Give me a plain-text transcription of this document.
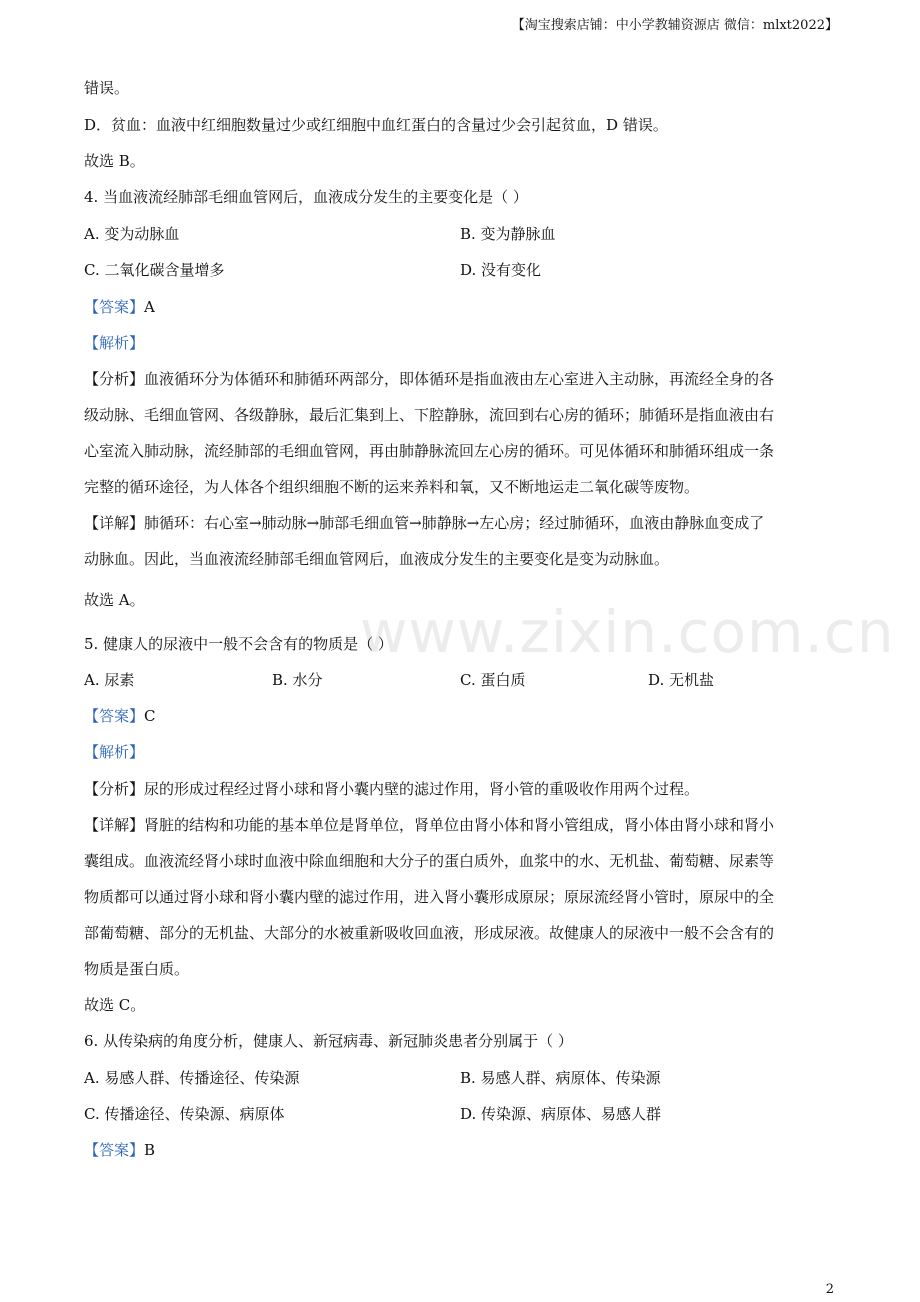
【淘宝搜索店铺：中小学教辅资源店 微信：mlxt2022】
www.zixin.com.cn
错误。
D．贫血：血液中红细胞数量过少或红细胞中血红蛋白的含量过少会引起贫血，D 错误。
故选 B。
4. 当血液流经肺部毛细血管网后，血液成分发生的主要变化是（ ）
A. 变为动脉血	B. 变为静脉血
C. 二氧化碳含量增多	D. 没有变化
【答案】A
【解析】
【分析】血液循环分为体循环和肺循环两部分，即体循环是指血液由左心室进入主动脉，再流经全身的各
级动脉、毛细血管网、各级静脉，最后汇集到上、下腔静脉，流回到右心房的循环；肺循环是指血液由右
心室流入肺动脉，流经肺部的毛细血管网，再由肺静脉流回左心房的循环。可见体循环和肺循环组成一条
完整的循环途径，为人体各个组织细胞不断的运来养料和氧，又不断地运走二氧化碳等废物。
【详解】肺循环：右心室→肺动脉→肺部毛细血管→肺静脉→左心房；经过肺循环，血液由静脉血变成了
动脉血。因此，当血液流经肺部毛细血管网后，血液成分发生的主要变化是变为动脉血。
故选 A。
5. 健康人的尿液中一般不会含有的物质是（ ）
A. 尿素	B. 水分	C. 蛋白质	D. 无机盐
【答案】C
【解析】
【分析】尿的形成过程经过肾小球和肾小囊内壁的滤过作用，肾小管的重吸收作用两个过程。
【详解】肾脏的结构和功能的基本单位是肾单位，肾单位由肾小体和肾小管组成，肾小体由肾小球和肾小
囊组成。血液流经肾小球时血液中除血细胞和大分子的蛋白质外，血浆中的水、无机盐、葡萄糖、尿素等
物质都可以通过肾小球和肾小囊内壁的滤过作用，进入肾小囊形成原尿；原尿流经肾小管时，原尿中的全
部葡萄糖、部分的无机盐、大部分的水被重新吸收回血液，形成尿液。故健康人的尿液中一般不会含有的
物质是蛋白质。
故选 C。
6. 从传染病的角度分析，健康人、新冠病毒、新冠肺炎患者分别属于（ ）
A. 易感人群、传播途径、传染源	B. 易感人群、病原体、传染源
C. 传播途径、传染源、病原体	D. 传染源、病原体、易感人群
【答案】B
2
